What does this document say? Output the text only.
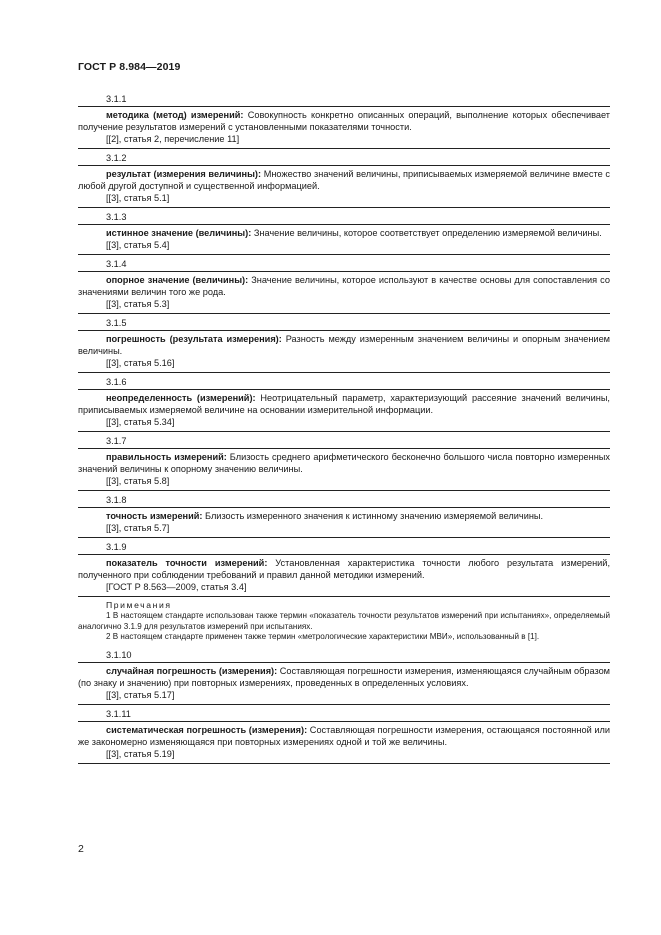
ГОСТ Р 8.984—2019
3.1.1
методика (метод) измерений: Совокупность конкретно описанных операций, выполнение которых обеспечивает получение результатов измерений с установленными показателями точности.
[[2], статья 2, перечисление 11]
3.1.2
результат (измерения величины): Множество значений величины, приписываемых измеряемой величине вместе с любой другой доступной и существенной информацией.
[[3], статья 5.1]
3.1.3
истинное значение (величины): Значение величины, которое соответствует определению измеряемой величины.
[[3], статья 5.4]
3.1.4
опорное значение (величины): Значение величины, которое используют в качестве основы для сопоставления со значениями величин того же рода.
[[3], статья 5.3]
3.1.5
погрешность (результата измерения): Разность между измеренным значением величины и опорным значением величины.
[[3], статья 5.16]
3.1.6
неопределенность (измерений): Неотрицательный параметр, характеризующий рассеяние значений величины, приписываемых измеряемой величине на основании измерительной информации.
[[3], статья 5.34]
3.1.7
правильность измерений: Близость среднего арифметического бесконечно большого числа повторно измеренных значений величины к опорному значению величины.
[[3], статья 5.8]
3.1.8
точность измерений: Близость измеренного значения к истинному значению измеряемой величины.
[[3], статья 5.7]
3.1.9
показатель точности измерений: Установленная характеристика точности любого результата измерений, полученного при соблюдении требований и правил данной методики измерений.
[ГОСТ Р 8.563—2009, статья 3.4]
Примечания
1 В настоящем стандарте использован также термин «показатель точности результатов измерений при испытаниях», определяемый аналогично 3.1.9 для результатов измерений при испытаниях.
2 В настоящем стандарте применен также термин «метрологические характеристики МВИ», использованный в [1].
3.1.10
случайная погрешность (измерения): Составляющая погрешности измерения, изменяющаяся случайным образом (по знаку и значению) при повторных измерениях, проведенных в определенных условиях.
[[3], статья 5.17]
3.1.11
систематическая погрешность (измерения): Составляющая погрешности измерения, остающаяся постоянной или же закономерно изменяющаяся при повторных измерениях одной и той же величины.
[[3], статья 5.19]
2
